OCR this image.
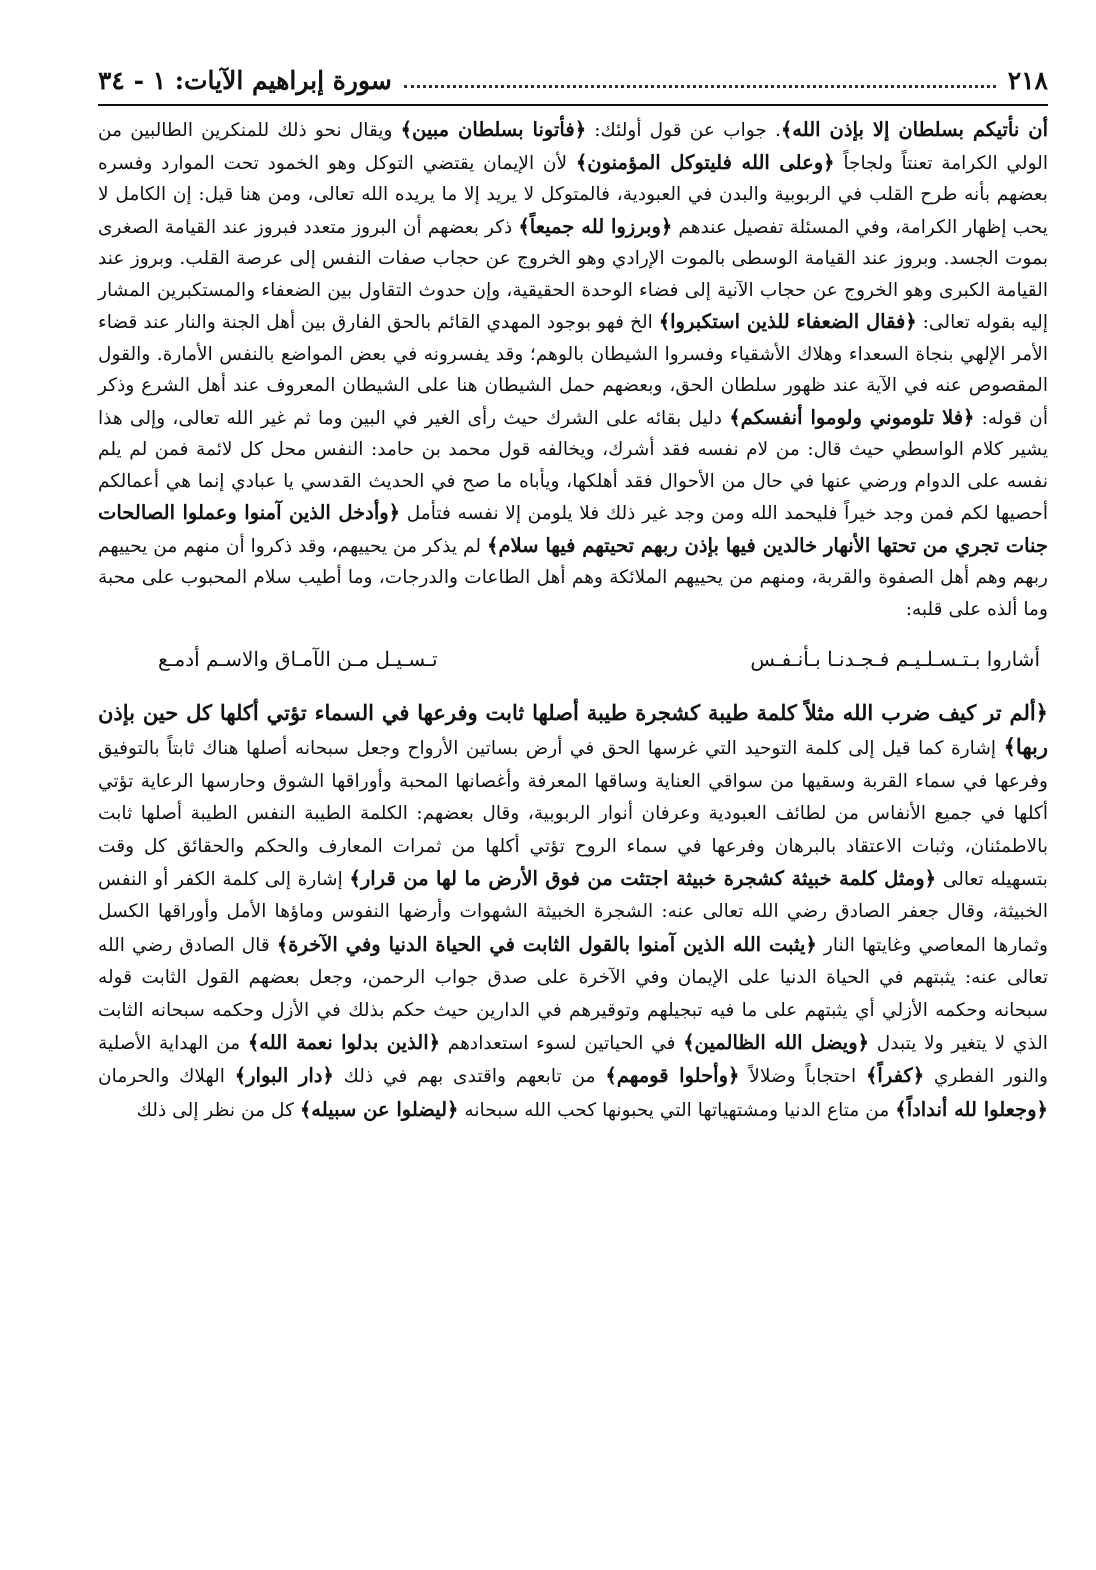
٢١٨
سورة إبراهيم الآيات: ١ - ٣٤

أن نأتيكم بسلطان إلا بإذن الله﴾. جواب عن قول أولئك: ﴿فأتونا بسلطان مبين﴾ ويقال نحو ذلك للمنكرين الطالبين من الولي الكرامة تعنتاً ولجاجاً ﴿وعلى الله فليتوكل المؤمنون﴾ لأن الإيمان يقتضي التوكل وهو الخمود تحت الموارد وفسره بعضهم بأنه طرح القلب في الربوبية والبدن في العبودية، فالمتوكل لا يريد إلا ما يريده الله تعالى، ومن هنا قيل: إن الكامل لا يحب إظهار الكرامة، وفي المسئلة تفصيل عندهم ﴿وبرزوا لله جميعاً﴾ ذكر بعضهم أن البروز متعدد فبروز عند القيامة الصغرى بموت الجسد. وبروز عند القيامة الوسطى بالموت الإرادي وهو الخروج عن حجاب صفات النفس إلى عرصة القلب. وبروز عند القيامة الكبرى وهو الخروج عن حجاب الآنية إلى فضاء الوحدة الحقيقية، وإن حدوث التقاول بين الضعفاء والمستكبرين المشار إليه بقوله تعالى: ﴿فقال الضعفاء للذين استكبروا﴾ الخ فهو بوجود المهدي القائم بالحق الفارق بين أهل الجنة والنار عند قضاء الأمر الإلهي بنجاة السعداء وهلاك الأشقياء وفسروا الشيطان بالوهم؛ وقد يفسرونه في بعض المواضع بالنفس الأمارة. والقول المقصوص عنه في الآية عند ظهور سلطان الحق، وبعضهم حمل الشيطان هنا على الشيطان المعروف عند أهل الشرع وذكر أن قوله: ﴿فلا تلوموني ولوموا أنفسكم﴾ دليل بقائه على الشرك حيث رأى الغير في البين وما ثم غير الله تعالى، وإلى هذا يشير كلام الواسطي حيث قال: من لام نفسه فقد أشرك، ويخالفه قول محمد بن حامد: النفس محل كل لائمة فمن لم يلم نفسه على الدوام ورضي عنها في حال من الأحوال فقد أهلكها، ويأباه ما صح في الحديث القدسي يا عبادي إنما هي أعمالكم أحصيها لكم فمن وجد خيراً فليحمد الله ومن وجد غير ذلك فلا يلومن إلا نفسه فتأمل ﴿وأدخل الذين آمنوا وعملوا الصالحات جنات تجري من تحتها الأنهار خالدين فيها بإذن ربهم تحيتهم فيها سلام﴾ لم يذكر من يحييهم، وقد ذكروا أن منهم من يحييهم ربهم وهم أهل الصفوة والقربة، ومنهم من يحييهم الملائكة وهم أهل الطاعات والدرجات، وما أطيب سلام المحبوب على محبة وما ألذه على قلبه:

أشاروا بـتـسـلـيـم فـجـدنـا بـأنـفـس
تـسـيـل مـن الآمـاق والاسـم أدمـع

﴿ألم تر كيف ضرب الله مثلاً كلمة طيبة كشجرة طيبة أصلها ثابت وفرعها في السماء تؤتي أكلها كل حين بإذن ربها﴾ إشارة كما قيل إلى كلمة التوحيد التي غرسها الحق في أرض بساتين الأرواح وجعل سبحانه أصلها هناك ثابتاً بالتوفيق وفرعها في سماء القربة وسقيها من سواقي العناية وساقها المعرفة وأغصانها المحبة وأوراقها الشوق وحارسها الرعاية تؤتي أكلها في جميع الأنفاس من لطائف العبودية وعرفان أنوار الربوبية، وقال بعضهم: الكلمة الطيبة النفس الطيبة أصلها ثابت بالاطمئنان، وثبات الاعتقاد بالبرهان وفرعها في سماء الروح تؤتي أكلها من ثمرات المعارف والحكم والحقائق كل وقت بتسهيله تعالى ﴿ومثل كلمة خبيثة كشجرة خبيثة اجتثت من فوق الأرض ما لها من قرار﴾ إشارة إلى كلمة الكفر أو النفس الخبيثة، وقال جعفر الصادق رضي الله تعالى عنه: الشجرة الخبيثة الشهوات وأرضها النفوس وماؤها الأمل وأوراقها الكسل وثمارها المعاصي وغايتها النار ﴿يثبت الله الذين آمنوا بالقول الثابت في الحياة الدنيا وفي الآخرة﴾ قال الصادق رضي الله تعالى عنه: يثبتهم في الحياة الدنيا على الإيمان وفي الآخرة على صدق جواب الرحمن، وجعل بعضهم القول الثابت قوله سبحانه وحكمه الأزلي أي يثبتهم على ما فيه تبجيلهم وتوقيرهم في الدارين حيث حكم بذلك في الأزل وحكمه سبحانه الثابت الذي لا يتغير ولا يتبدل ﴿ويضل الله الظالمين﴾ في الحياتين لسوء استعدادهم ﴿الذين بدلوا نعمة الله﴾ من الهداية الأصلية والنور الفطري ﴿كفراً﴾ احتجاباً وضلالاً ﴿وأحلوا قومهم﴾ من تابعهم واقتدى بهم في ذلك ﴿دار البوار﴾ الهلاك والحرمان ﴿وجعلوا لله أنداداً﴾ من متاع الدنيا ومشتهياتها التي يحبونها كحب الله سبحانه ﴿ليضلوا عن سبيله﴾ كل من نظر إلى ذلك
